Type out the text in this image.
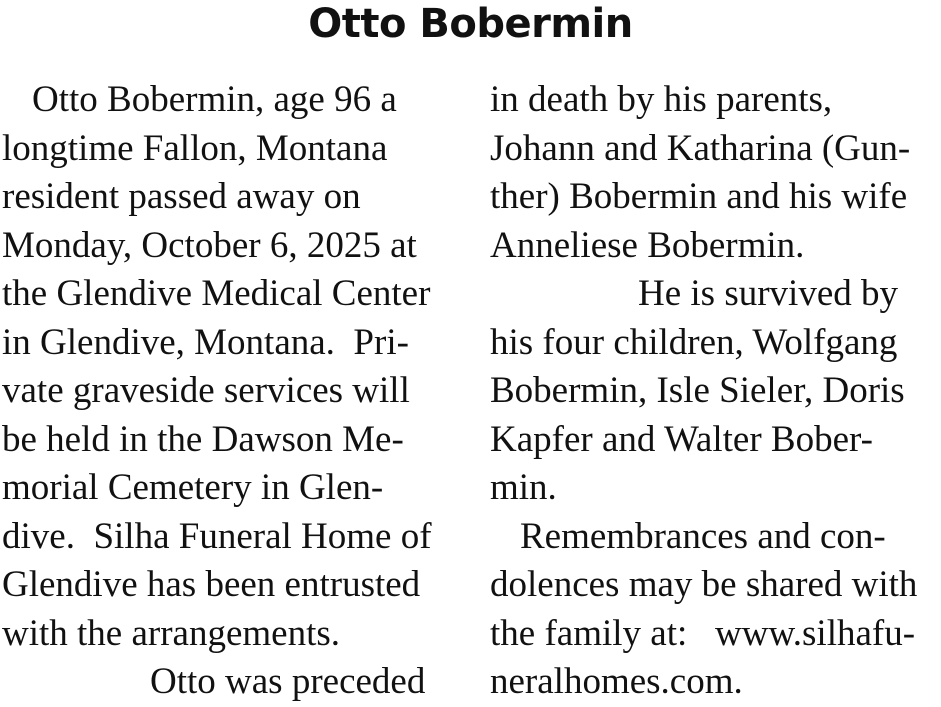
Otto Bobermin
Otto Bobermin, age 96 a
longtime Fallon, Montana
resident passed away on
Monday, October 6, 2025 at
the Glendive Medical Center
in Glendive, Montana.  Pri-
vate graveside services will
be held in the Dawson Me-
morial Cemetery in Glen-
dive.  Silha Funeral Home of
Glendive has been entrusted
with the arrangements.
Otto was preceded
in death by his parents,
Johann and Katharina (Gun-
ther) Bobermin and his wife
Anneliese Bobermin.
He is survived by
his four children, Wolfgang
Bobermin, Isle Sieler, Doris
Kapfer and Walter Bober-
min.
Remembrances and con-
dolences may be shared with
the family at:   www.silhafu-
neralhomes.com.
